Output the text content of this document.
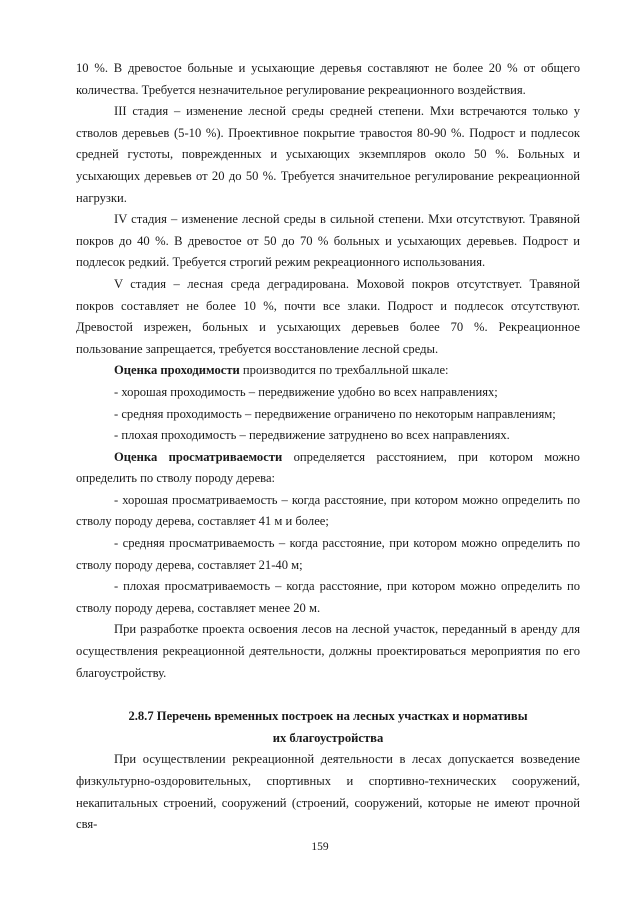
10 %. В древостое больные и усыхающие деревья составляют не более 20 % от общего количества. Требуется незначительное регулирование рекреационного воздействия.

III стадия – изменение лесной среды средней степени. Мхи встречаются только у стволов деревьев (5-10 %). Проективное покрытие травостоя 80-90 %. Подрост и подлесок средней густоты, поврежденных и усыхающих экземпляров около 50 %. Больных и усыхающих деревьев от 20 до 50 %. Требуется значительное регулирование рекреационной нагрузки.

IV стадия – изменение лесной среды в сильной степени. Мхи отсутствуют. Травяной покров до 40 %. В древостое от 50 до 70 % больных и усыхающих деревьев. Подрост и подлесок редкий. Требуется строгий режим рекреационного использования.

V стадия – лесная среда деградирована. Моховой покров отсутствует. Травяной покров составляет не более 10 %, почти все злаки. Подрост и подлесок отсутствуют. Древостой изрежен, больных и усыхающих деревьев более 70 %. Рекреационное пользование запрещается, требуется восстановление лесной среды.

Оценка проходимости производится по трехбалльной шкале:

- хорошая проходимость – передвижение удобно во всех направлениях;

- средняя проходимость – передвижение ограничено по некоторым направлениям;

- плохая проходимость – передвижение затруднено во всех направлениях.

Оценка просматриваемости определяется расстоянием, при котором можно определить по стволу породу дерева:

- хорошая просматриваемость – когда расстояние, при котором можно определить по стволу породу дерева, составляет 41 м и более;

- средняя просматриваемость – когда расстояние, при котором можно определить по стволу породу дерева, составляет 21-40 м;

- плохая просматриваемость – когда расстояние, при котором можно определить по стволу породу дерева, составляет менее 20 м.

При разработке проекта освоения лесов на лесной участок, переданный в аренду для осуществления рекреационной деятельности, должны проектироваться мероприятия по его благоустройству.

2.8.7 Перечень временных построек на лесных участках и нормативы
их благоустройства

При осуществлении рекреационной деятельности в лесах допускается возведение физкультурно-оздоровительных, спортивных и спортивно-технических сооружений, некапитальных строений, сооружений (строений, сооружений, которые не имеют прочной свя-

159
